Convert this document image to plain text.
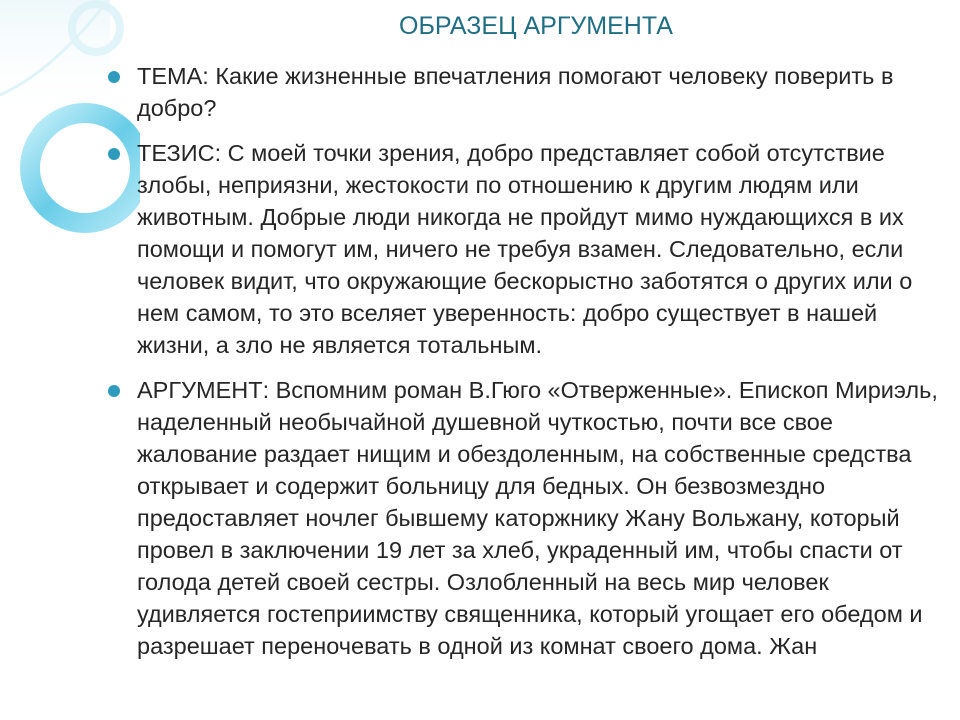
ОБРАЗЕЦ АРГУМЕНТА
ТЕМА: Какие жизненные впечатления помогают человеку поверить в добро?
ТЕЗИС: С моей точки зрения, добро представляет собой отсутствие злобы, неприязни, жестокости по отношению к другим людям или животным. Добрые люди никогда не пройдут мимо нуждающихся в их помощи и помогут им, ничего не требуя взамен. Следовательно, если человек видит, что окружающие бескорыстно заботятся о других или о нем самом, то это вселяет уверенность: добро существует в нашей жизни, а зло не является тотальным.
АРГУМЕНТ: Вспомним роман В.Гюго «Отверженные». Епископ Мириэль, наделенный необычайной душевной чуткостью, почти все свое жалование раздает нищим и обездоленным, на собственные средства открывает и содержит больницу для бедных. Он безвозмездно предоставляет ночлег бывшему каторжнику Жану Вольжану, который провел в заключении 19 лет за хлеб, украденный им, чтобы спасти от голода детей своей сестры. Озлобленный на весь мир человек удивляется гостеприимству священника, который угощает его обедом и разрешает переночевать в одной из комнат своего дома. Жан
